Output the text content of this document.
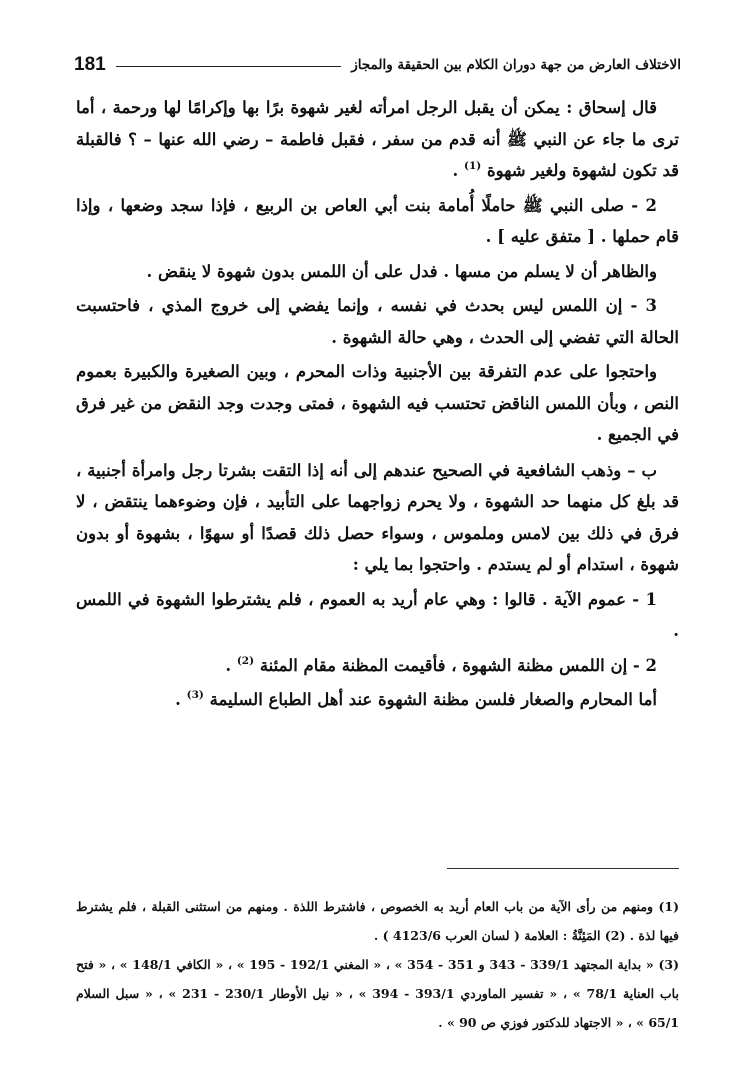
181	الاختلاف العارض من جهة دوران الكلام بين الحقيقة والمجاز

قال إسحاق : يمكن أن يقبل الرجل امرأته لغير شهوة برًا بها وإكرامًا لها ورحمة ، أما ترى ما جاء عن النبي ﷺ أنه قدم من سفر ، فقبل فاطمة – رضي الله عنها – ؟ فالقبلة قد تكون لشهوة ولغير شهوة $^{(1)}$ .

2 - صلى النبي ﷺ حاملًا أُمامة بنت أبي العاص بن الربيع ، فإذا سجد وضعها ، وإذا قام حملها . [ متفق عليه ] .

والظاهر أن لا يسلم من مسها . فدل على أن اللمس بدون شهوة لا ينقض .

3 - إن اللمس ليس بحدث في نفسه ، وإنما يفضي إلى خروج المذي ، فاحتسبت الحالة التي تفضي إلى الحدث ، وهي حالة الشهوة .

واحتجوا على عدم التفرقة بين الأجنبية وذات المحرم ، وبين الصغيرة والكبيرة بعموم النص ، وبأن اللمس الناقض تحتسب فيه الشهوة ، فمتى وجدت وجد النقض من غير فرق في الجميع .

ب – وذهب الشافعية في الصحيح عندهم إلى أنه إذا التقت بشرتا رجل وامرأة أجنبية ، قد بلغ كل منهما حد الشهوة ، ولا يحرم زواجهما على التأبيد ، فإن وضوءهما ينتقض ، لا فرق في ذلك بين لامس وملموس ، وسواء حصل ذلك قصدًا أو سهوًا ، بشهوة أو بدون شهوة ، استدام أو لم يستدم . واحتجوا بما يلي :

1 - عموم الآية . قالوا : وهي عام أريد به العموم ، فلم يشترطوا الشهوة في اللمس .

2 - إن اللمس مظنة الشهوة ، فأقيمت المظنة مقام المئنة $^{(2)}$ .

أما المحارم والصغار فلسن مظنة الشهوة عند أهل الطباع السليمة $^{(3)}$ .

(1) ومنهم من رأى الآية من باب العام أريد به الخصوص ، فاشترط اللذة . ومنهم من استثنى القبلة ، فلم يشترط فيها لذة . (2) المَئِنَّةُ : العلامة ( لسان العرب 4123/6 ) .

(3) « بداية المجتهد 339/1 - 343 و 351 - 354 » ، « المغني 192/1 - 195 » ، « الكافي 148/1 » ، « فتح باب العناية 78/1 » ، « تفسير الماوردي 393/1 - 394 » ، « نيل الأوطار 230/1 - 231 » ، « سبل السلام 65/1 » ، « الاجتهاد للدكتور فوزي ص 90 » .
